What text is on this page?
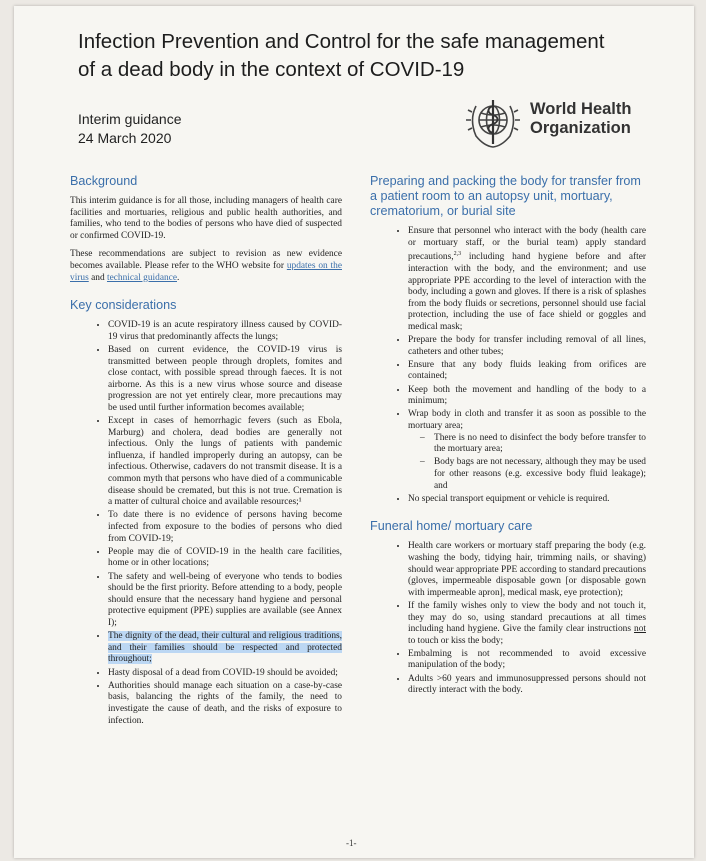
Infection Prevention and Control for the safe management
of a dead body in the context of COVID-19
Interim guidance
24 March 2020
World Health
Organization
Background

This interim guidance is for all those, including managers of health care facilities and mortuaries, religious and public health authorities, and families, who tend to the bodies of persons who have died of suspected or confirmed COVID-19.

These recommendations are subject to revision as new evidence becomes available. Please refer to the WHO website for updates on the virus and technical guidance.

Key considerations
• COVID-19 is an acute respiratory illness caused by COVID-19 virus that predominantly affects the lungs;
• Based on current evidence, the COVID-19 virus is transmitted between people through droplets, fomites and close contact, with possible spread through faeces. It is not airborne. As this is a new virus whose source and disease progression are not yet entirely clear, more precautions may be used until further information becomes available;
• Except in cases of hemorrhagic fevers (such as Ebola, Marburg) and cholera, dead bodies are generally not infectious. Only the lungs of patients with pandemic influenza, if handled improperly during an autopsy, can be infectious. Otherwise, cadavers do not transmit disease. It is a common myth that persons who have died of a communicable disease should be cremated, but this is not true. Cremation is a matter of cultural choice and available resources;¹
• To date there is no evidence of persons having become infected from exposure to the bodies of persons who died from COVID-19;
• People may die of COVID-19 in the health care facilities, home or in other locations;
• The safety and well-being of everyone who tends to bodies should be the first priority. Before attending to a body, people should ensure that the necessary hand hygiene and personal protective equipment (PPE) supplies are available (see Annex I);
• The dignity of the dead, their cultural and religious traditions, and their families should be respected and protected throughout;
• Hasty disposal of a dead from COVID-19 should be avoided;
• Authorities should manage each situation on a case-by-case basis, balancing the rights of the family, the need to investigate the cause of death, and the risks of exposure to infection.
Preparing and packing the body for transfer from a patient room to an autopsy unit, mortuary, crematorium, or burial site
• Ensure that personnel who interact with the body (health care or mortuary staff, or the burial team) apply standard precautions,$^{2,3}$ including hand hygiene before and after interaction with the body, and the environment; and use appropriate PPE according to the level of interaction with the body, including a gown and gloves. If there is a risk of splashes from the body fluids or secretions, personnel should use facial protection, including the use of face shield or goggles and medical mask;
• Prepare the body for transfer including removal of all lines, catheters and other tubes;
• Ensure that any body fluids leaking from orifices are contained;
• Keep both the movement and handling of the body to a minimum;
• Wrap body in cloth and transfer it as soon as possible to the mortuary area;
– There is no need to disinfect the body before transfer to the mortuary area;
– Body bags are not necessary, although they may be used for other reasons (e.g. excessive body fluid leakage); and
• No special transport equipment or vehicle is required.
Funeral home/ mortuary care
• Health care workers or mortuary staff preparing the body (e.g. washing the body, tidying hair, trimming nails, or shaving) should wear appropriate PPE according to standard precautions (gloves, impermeable disposable gown [or disposable gown with impermeable apron], medical mask, eye protection);
• If the family wishes only to view the body and not touch it, they may do so, using standard precautions at all times including hand hygiene. Give the family clear instructions not to touch or kiss the body;
• Embalming is not recommended to avoid excessive manipulation of the body;
• Adults >60 years and immunosuppressed persons should not directly interact with the body.
-1-
